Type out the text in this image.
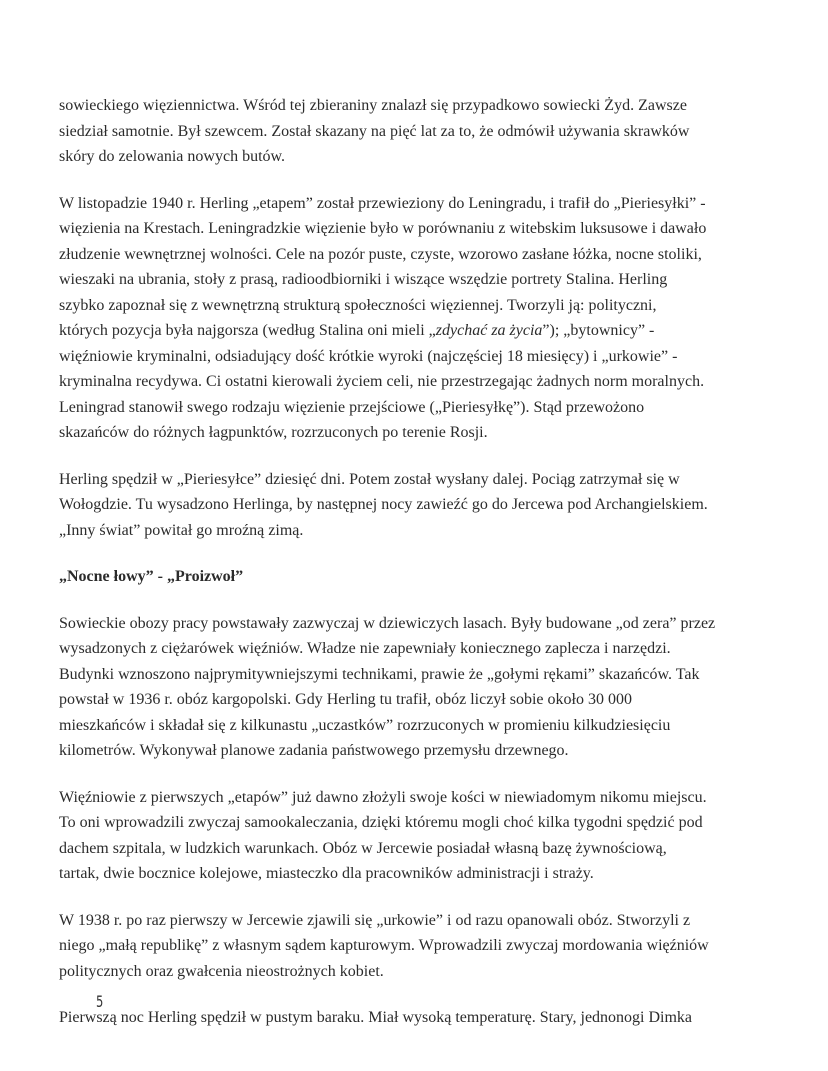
sowieckiego więziennictwa. Wśród tej zbieraniny znalazł się przypadkowo sowiecki Żyd. Zawsze
siedział samotnie. Był szewcem. Został skazany na pięć lat za to, że odmówił używania skrawków
skóry do zelowania nowych butów.

W listopadzie 1940 r. Herling „etapem” został przewieziony do Leningradu, i trafił do „Pieriesyłki” -
więzienia na Krestach. Leningradzkie więzienie było w porównaniu z witebskim luksusowe i dawało
złudzenie wewnętrznej wolności. Cele na pozór puste, czyste, wzorowo zasłane łóżka, nocne stoliki,
wieszaki na ubrania, stoły z prasą, radioodbiorniki i wiszące wszędzie portrety Stalina. Herling
szybko zapoznał się z wewnętrzną strukturą społeczności więziennej. Tworzyli ją: polityczni,
których pozycja była najgorsza (według Stalina oni mieli „zdychać za życia”); „bytownicy” -
więźniowie kryminalni, odsiadujący dość krótkie wyroki (najczęściej 18 miesięcy) i „urkowie” -
kryminalna recydywa. Ci ostatni kierowali życiem celi, nie przestrzegając żadnych norm moralnych.
Leningrad stanowił swego rodzaju więzienie przejściowe („Pieriesyłkę”). Stąd przewożono
skazańców do różnych łagpunktów, rozrzuconych po terenie Rosji.

Herling spędził w „Pieriesyłce” dziesięć dni. Potem został wysłany dalej. Pociąg zatrzymał się w
Wołogdzie. Tu wysadzono Herlinga, by następnej nocy zawieźć go do Jercewa pod Archangielskiem.
„Inny świat” powitał go mroźną zimą.

„Nocne łowy” - „Proizwoł”

Sowieckie obozy pracy powstawały zazwyczaj w dziewiczych lasach. Były budowane „od zera” przez
wysadzonych z ciężarówek więźniów. Władze nie zapewniały koniecznego zaplecza i narzędzi.
Budynki wznoszono najprymitywniejszymi technikami, prawie że „gołymi rękami” skazańców. Tak
powstał w 1936 r. obóz kargopolski. Gdy Herling tu trafił, obóz liczył sobie około 30 000
mieszkańców i składał się z kilkunastu „uczastków” rozrzuconych w promieniu kilkudziesięciu
kilometrów. Wykonywał planowe zadania państwowego przemysłu drzewnego.

Więźniowie z pierwszych „etapów” już dawno złożyli swoje kości w niewiadomym nikomu miejscu.
To oni wprowadzili zwyczaj samookaleczania, dzięki któremu mogli choć kilka tygodni spędzić pod
dachem szpitala, w ludzkich warunkach. Obóz w Jercewie posiadał własną bazę żywnościową,
tartak, dwie bocznice kolejowe, miasteczko dla pracowników administracji i straży.

W 1938 r. po raz pierwszy w Jercewie zjawili się „urkowie” i od razu opanowali obóz. Stworzyli z
niego „małą republikę” z własnym sądem kapturowym. Wprowadzili zwyczaj mordowania więźniów
politycznych oraz gwałcenia nieostrożnych kobiet.

Pierwszą noc Herling spędził w pustym baraku. Miał wysoką temperaturę. Stary, jednonogi Dimka

5
